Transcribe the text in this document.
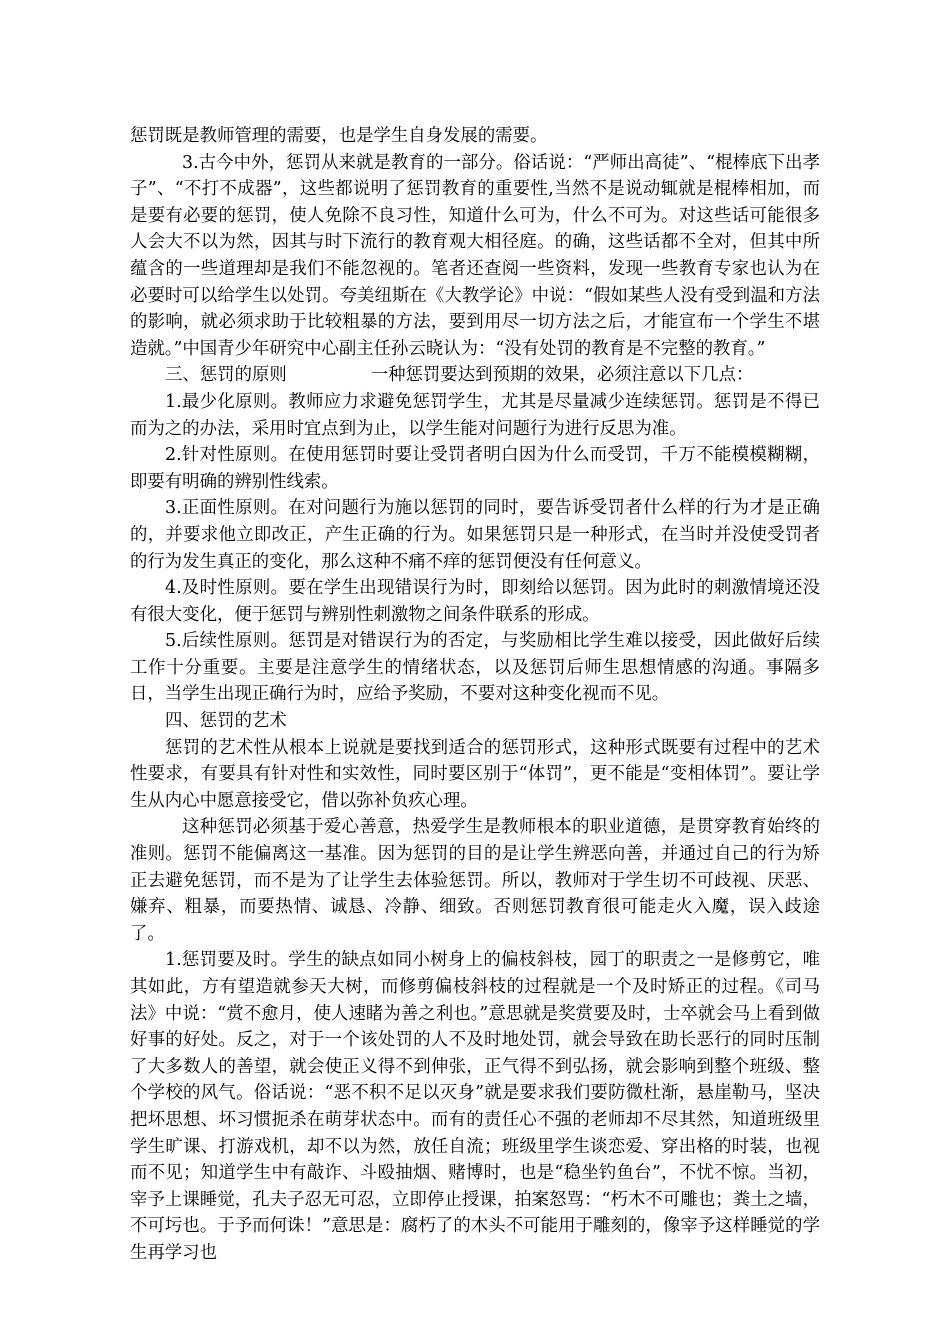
惩罚既是教师管理的需要，也是学生自身发展的需要。

3.古今中外，惩罚从来就是教育的一部分。俗话说：“严师出高徒”、“棍棒底下出孝子”、“不打不成器”，这些都说明了惩罚教育的重要性,当然不是说动辄就是棍棒相加，而是要有必要的惩罚，使人免除不良习性，知道什么可为，什么不可为。对这些话可能很多人会大不以为然，因其与时下流行的教育观大相径庭。的确，这些话都不全对，但其中所蕴含的一些道理却是我们不能忽视的。笔者还查阅一些资料，发现一些教育专家也认为在必要时可以给学生以处罚。夸美纽斯在《大教学论》中说：“假如某些人没有受到温和方法的影响，就必须求助于比较粗暴的方法，要到用尽一切方法之后，才能宣布一个学生不堪造就。”中国青少年研究中心副主任孙云晓认为：“没有处罚的教育是不完整的教育。”

三、惩罚的原则	一种惩罚要达到预期的效果，必须注意以下几点：

1.最少化原则。教师应力求避免惩罚学生，尤其是尽量减少连续惩罚。惩罚是不得已而为之的办法，采用时宜点到为止，以学生能对问题行为进行反思为准。

2.针对性原则。在使用惩罚时要让受罚者明白因为什么而受罚，千万不能模模糊糊，即要有明确的辨别性线索。

3.正面性原则。在对问题行为施以惩罚的同时，要告诉受罚者什么样的行为才是正确的，并要求他立即改正，产生正确的行为。如果惩罚只是一种形式，在当时并没使受罚者的行为发生真正的变化，那么这种不痛不痒的惩罚便没有任何意义。

4.及时性原则。要在学生出现错误行为时，即刻给以惩罚。因为此时的刺激情境还没有很大变化，便于惩罚与辨别性刺激物之间条件联系的形成。

5.后续性原则。惩罚是对错误行为的否定，与奖励相比学生难以接受，因此做好后续工作十分重要。主要是注意学生的情绪状态，以及惩罚后师生思想情感的沟通。事隔多日，当学生出现正确行为时，应给予奖励，不要对这种变化视而不见。

四、惩罚的艺术

惩罚的艺术性从根本上说就是要找到适合的惩罚形式，这种形式既要有过程中的艺术性要求，有要具有针对性和实效性，同时要区别于“体罚”，更不能是“变相体罚”。要让学生从内心中愿意接受它，借以弥补负疚心理。

这种惩罚必须基于爱心善意，热爱学生是教师根本的职业道德，是贯穿教育始终的准则。惩罚不能偏离这一基准。因为惩罚的目的是让学生辨恶向善，并通过自己的行为矫正去避免惩罚，而不是为了让学生去体验惩罚。所以，教师对于学生切不可歧视、厌恶、嫌弃、粗暴，而要热情、诚恳、冷静、细致。否则惩罚教育很可能走火入魔，误入歧途了。

1.惩罚要及时。学生的缺点如同小树身上的偏枝斜枝，园丁的职责之一是修剪它，唯其如此，方有望造就参天大树，而修剪偏枝斜枝的过程就是一个及时矫正的过程。《司马法》中说：“赏不愈月，使人速睹为善之利也。”意思就是奖赏要及时，士卒就会马上看到做好事的好处。反之，对于一个该处罚的人不及时地处罚，就会导致在助长恶行的同时压制了大多数人的善望，就会使正义得不到伸张，正气得不到弘扬，就会影响到整个班级、整个学校的风气。俗话说：“恶不积不足以灭身”就是要求我们要防微杜渐，悬崖勒马，坚决把坏思想、坏习惯扼杀在萌芽状态中。而有的责任心不强的老师却不尽其然，知道班级里学生旷课、打游戏机，却不以为然，放任自流；班级里学生谈恋爱、穿出格的时装，也视而不见；知道学生中有敲诈、斗殴抽烟、赌博时，也是“稳坐钓鱼台”，不忧不惊。当初，宰予上课睡觉，孔夫子忍无可忍，立即停止授课，拍案怒骂：“朽木不可雕也；粪土之墙，不可圬也。于予而何诛！”意思是：腐朽了的木头不可能用于雕刻的，像宰予这样睡觉的学生再学习也
